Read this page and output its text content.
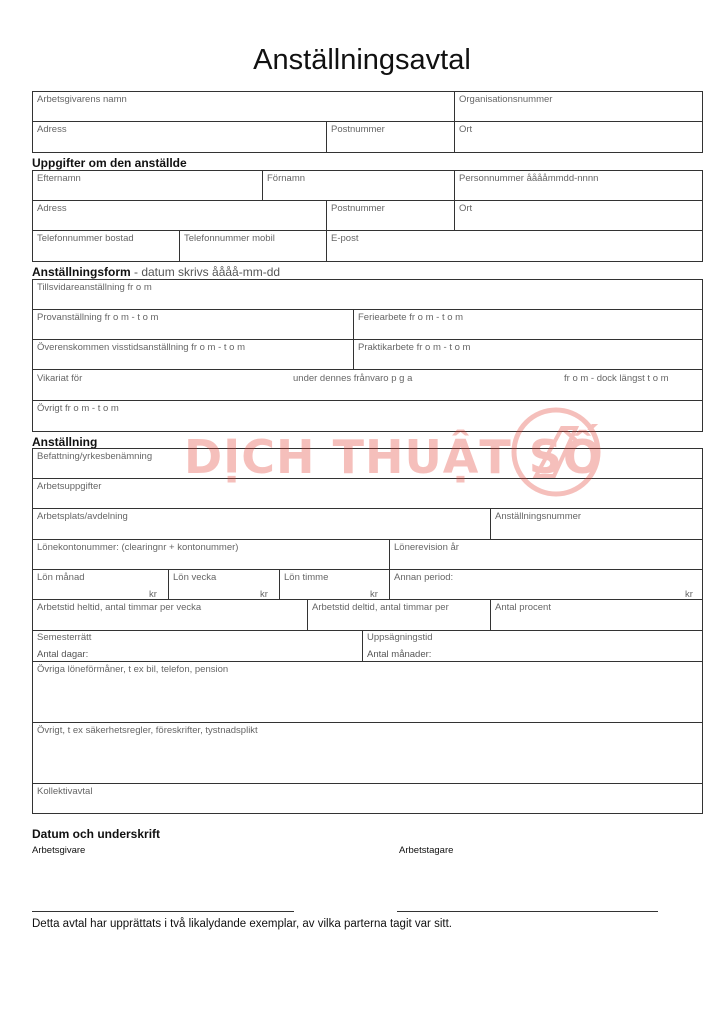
Anställningsavtal
Arbetsgivarens namn	Organisationsnummer
Adress	Postnummer	Ort
Uppgifter om den anställde
Efternamn	Förnamn	Personnummer ååååmmdd-nnnn
Adress	Postnummer	Ort
Telefonnummer bostad	Telefonnummer mobil	E-post
Anställningsform - datum skrivs åååå-mm-dd
Tillsvidareanställning fr o m
Provanställning fr o m - t o m	Feriearbete fr o m - t o m
Överenskommen visstidsanställning fr o m - t o m	Praktikarbete fr o m - t o m
Vikariat för	under dennes frånvaro p g a	fr o m - dock längst t o m
Övrigt fr o m - t o m
Anställning
Befattning/yrkesbenämning
Arbetsuppgifter
Arbetsplats/avdelning	Anställningsnummer
Lönekontonummer: (clearingnr + kontonummer)	Lönerevision år
Lön månad	Lön vecka	Lön timme	Annan period:
kr	kr	kr	kr
Arbetstid heltid, antal timmar per vecka	Arbetstid deltid, antal timmar per	Antal procent
Semesterrätt
Antal dagar:
Uppsägningstid
Antal månader:
Övriga löneförmåner, t ex bil, telefon, pension
Övrigt, t ex säkerhetsregler, föreskrifter, tystnadsplikt
Kollektivavtal
Datum och underskrift
Arbetsgivare	Arbetstagare
Detta avtal har upprättats i två likalydande exemplar, av vilka parterna tagit var sitt.
DỊCH THUẬT SỐ
